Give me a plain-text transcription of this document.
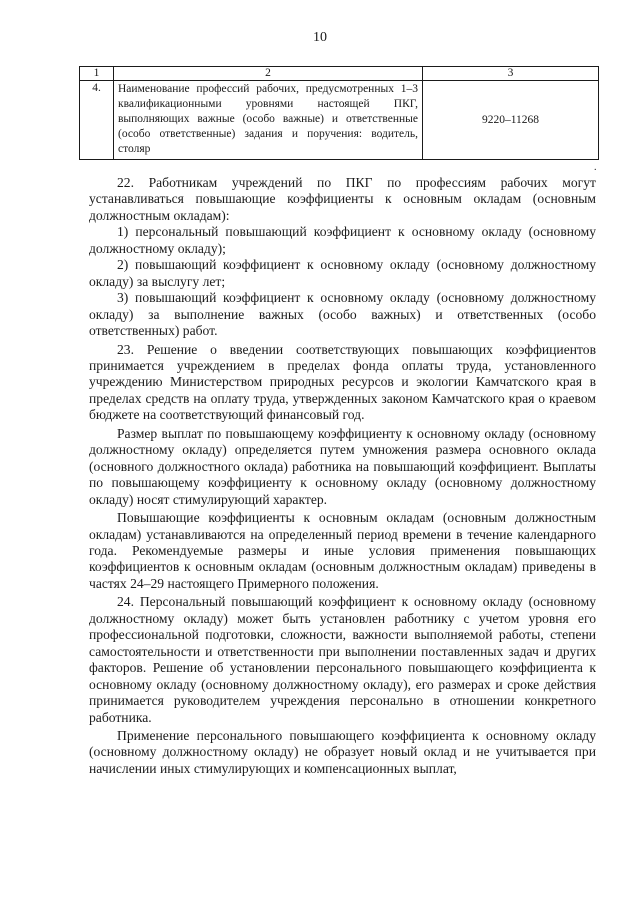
10
1	2	3
4.	Наименование профессий рабочих, предусмотренных 1–3 квалификационными уровнями настоящей ПКГ, выполняющих важные (особо важные) и ответственные (особо ответственные) задания и поручения: водитель, столяр	9220–11268
.

22. Работникам учреждений по ПКГ по профессиям рабочих могут устанавливаться повышающие коэффициенты к основным окладам (основным должностным окладам):

1) персональный повышающий коэффициент к основному окладу (основному должностному окладу);

2) повышающий коэффициент к основному окладу (основному должностному окладу) за выслугу лет;

3) повышающий коэффициент к основному окладу (основному должностному окладу) за выполнение важных (особо важных) и ответственных (особо ответственных) работ.

23. Решение о введении соответствующих повышающих коэффициентов принимается учреждением в пределах фонда оплаты труда, установленного учреждению Министерством природных ресурсов и экологии Камчатского края в пределах средств на оплату труда, утвержденных законом Камчатского края о краевом бюджете на соответствующий финансовый год.

Размер выплат по повышающему коэффициенту к основному окладу (основному должностному окладу) определяется путем умножения размера основного оклада (основного должностного оклада) работника на повышающий коэффициент. Выплаты по повышающему коэффициенту к основному окладу (основному должностному окладу) носят стимулирующий характер.

Повышающие коэффициенты к основным окладам (основным должностным окладам) устанавливаются на определенный период времени в течение календарного года. Рекомендуемые размеры и иные условия применения повышающих коэффициентов к основным окладам (основным должностным окладам) приведены в частях 24–29 настоящего Примерного положения.

24. Персональный повышающий коэффициент к основному окладу (основному должностному окладу) может быть установлен работнику с учетом уровня его профессиональной подготовки, сложности, важности выполняемой работы, степени самостоятельности и ответственности при выполнении поставленных задач и других факторов. Решение об установлении персонального повышающего коэффициента к основному окладу (основному должностному окладу), его размерах и сроке действия принимается руководителем учреждения персонально в отношении конкретного работника.

Применение персонального повышающего коэффициента к основному окладу (основному должностному окладу) не образует новый оклад и не учитывается при начислении иных стимулирующих и компенсационных выплат,
